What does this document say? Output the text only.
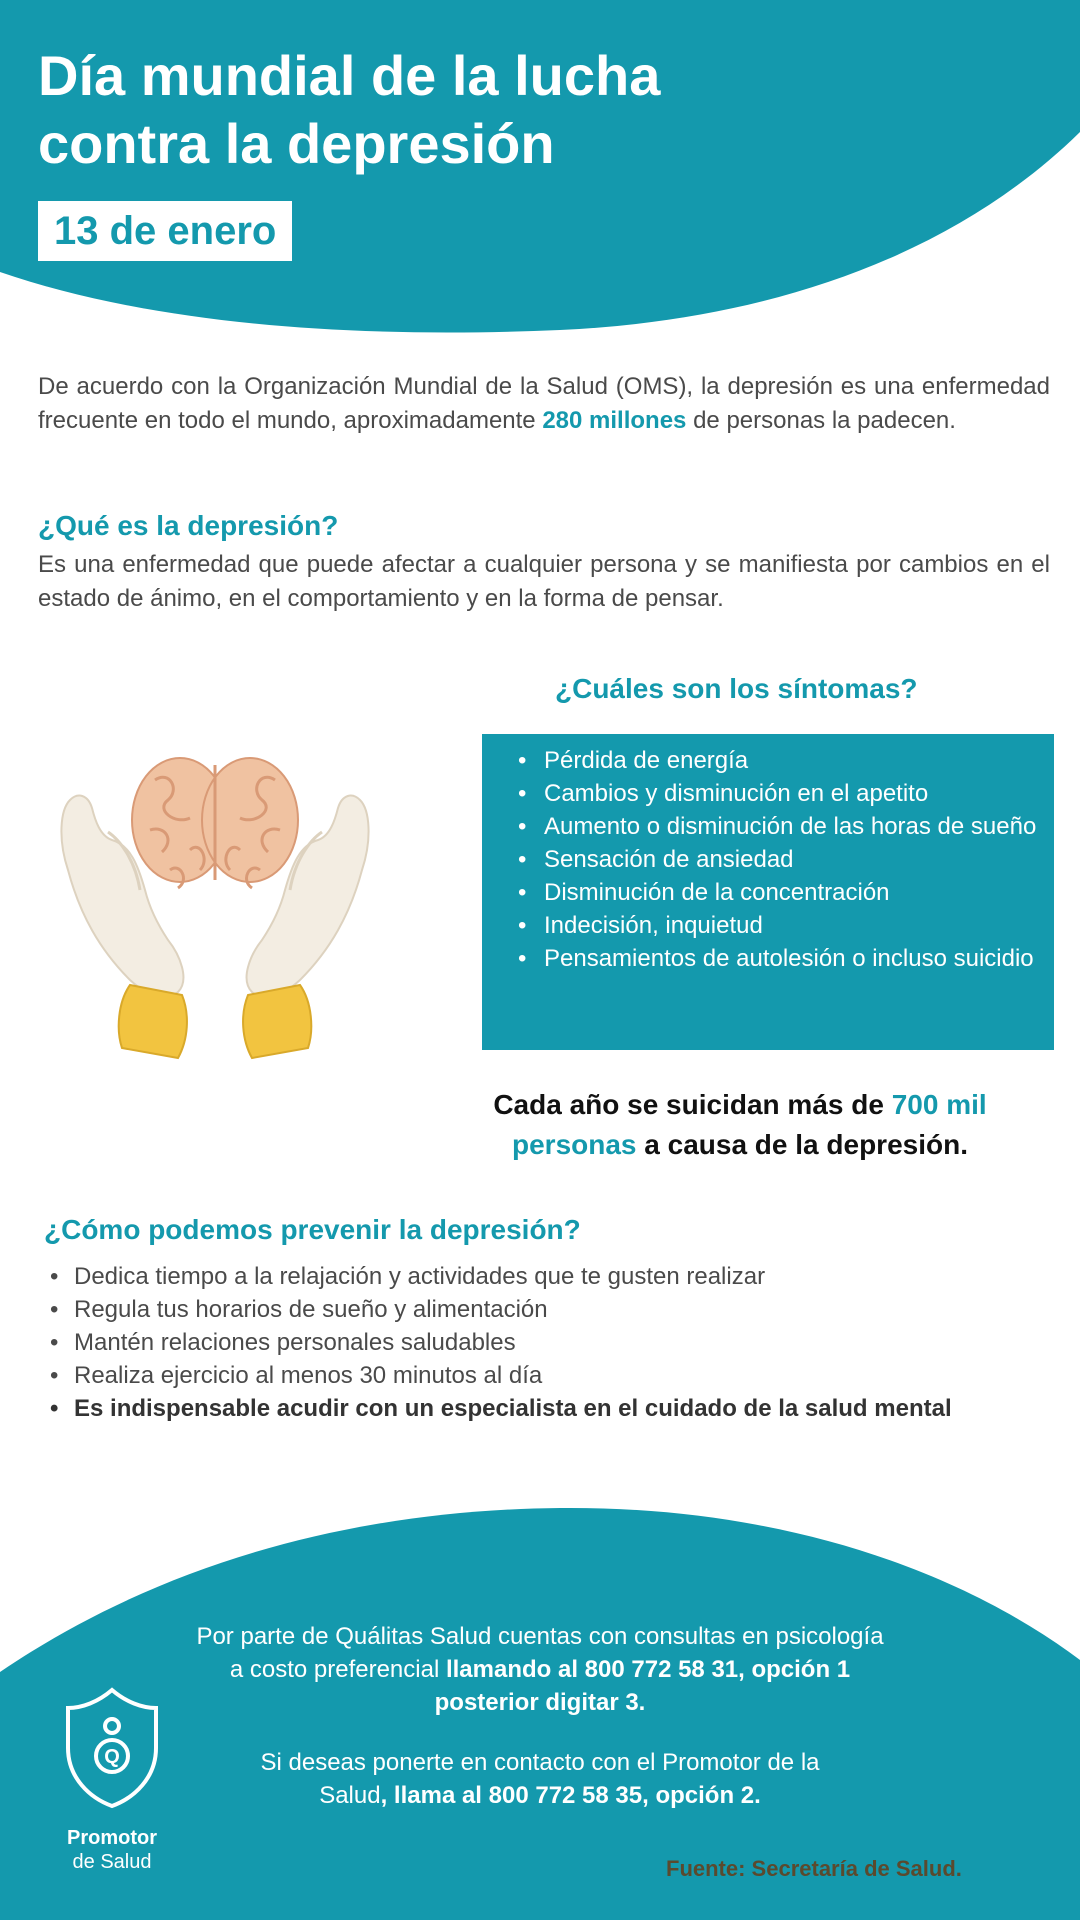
Día mundial de la lucha
contra la depresión
13 de enero

De acuerdo con la Organización Mundial de la Salud (OMS), la depresión es una enfermedad frecuente en todo el mundo, aproximadamente 280 millones de personas la padecen.

¿Qué es la depresión?

Es una enfermedad que puede afectar a cualquier persona y se manifiesta por cambios en el estado de ánimo, en el comportamiento y en la forma de pensar.

¿Cuáles son los síntomas?
• Pérdida de energía
• Cambios y disminución en el apetito
• Aumento o disminución de las horas de sueño
• Sensación de ansiedad
• Disminución de la concentración
• Indecisión, inquietud
• Pensamientos de autolesión o incluso suicidio

Cada año se suicidan más de 700 mil personas a causa de la depresión.

¿Cómo podemos prevenir la depresión?
• Dedica tiempo a la relajación y actividades que te gusten realizar
• Regula tus horarios de sueño y alimentación
• Mantén relaciones personales saludables
• Realiza ejercicio al menos 30 minutos al día
• Es indispensable acudir con un especialista en el cuidado de la salud mental

Por parte de Quálitas Salud cuentas con consultas en psicología
a costo preferencial llamando al 800 772 58 31, opción 1
posterior digitar 3.

Si deseas ponerte en contacto con el Promotor de la
Salud, llama al 800 772 58 35, opción 2.

Q
Promotor
de Salud	Fuente: Secretaría de Salud.
